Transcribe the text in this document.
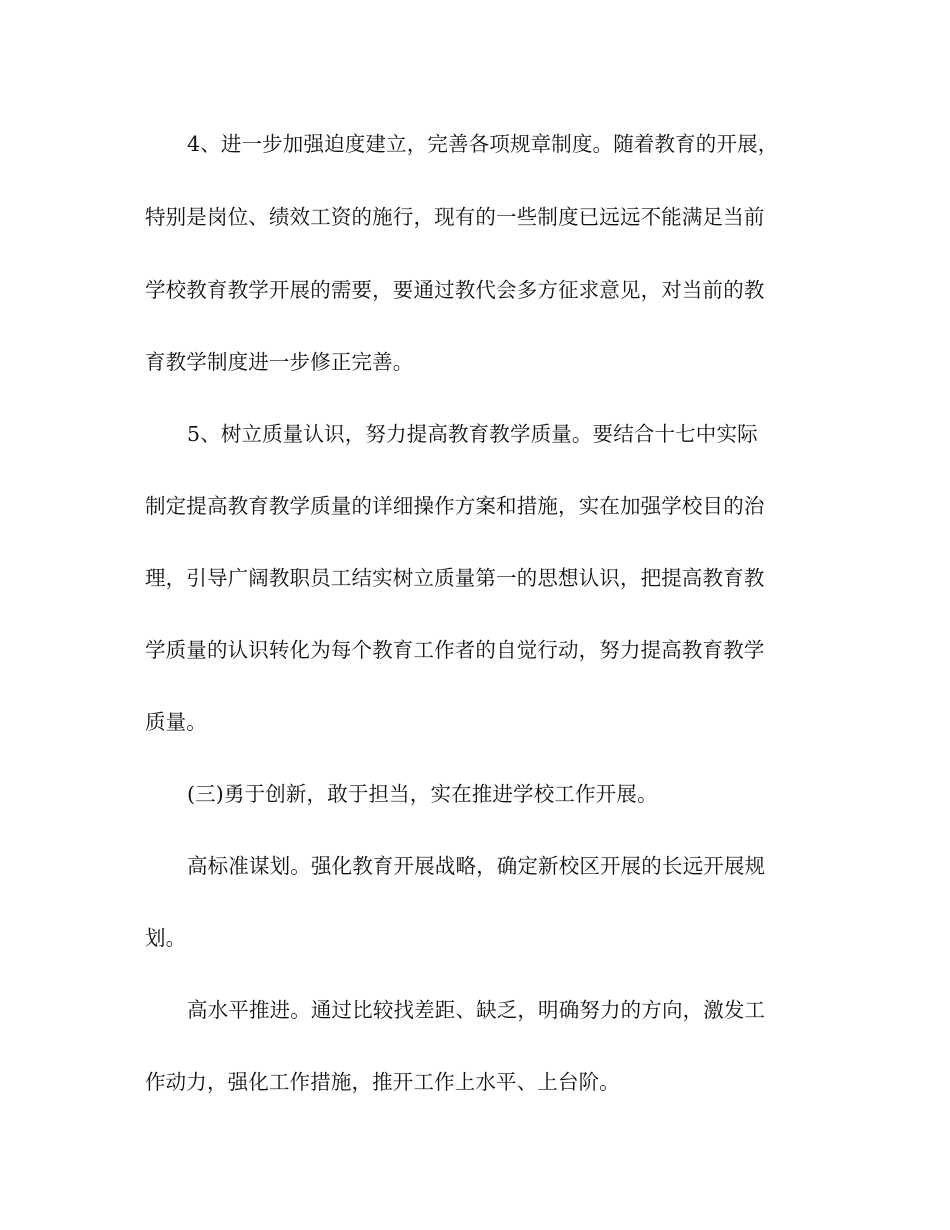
4、进一步加强迫度建立，完善各项规章制度。随着教育的开展，
特别是岗位、绩效工资的施行，现有的一些制度已远远不能满足当前
学校教育教学开展的需要，要通过教代会多方征求意见，对当前的教
育教学制度进一步修正完善。
5、树立质量认识，努力提高教育教学质量。要结合十七中实际
制定提高教育教学质量的详细操作方案和措施，实在加强学校目的治
理，引导广阔教职员工结实树立质量第一的思想认识，把提高教育教
学质量的认识转化为每个教育工作者的自觉行动，努力提高教育教学
质量。
(三)勇于创新，敢于担当，实在推进学校工作开展。
高标准谋划。强化教育开展战略，确定新校区开展的长远开展规
划。
高水平推进。通过比较找差距、缺乏，明确努力的方向，激发工
作动力，强化工作措施，推开工作上水平、上台阶。
